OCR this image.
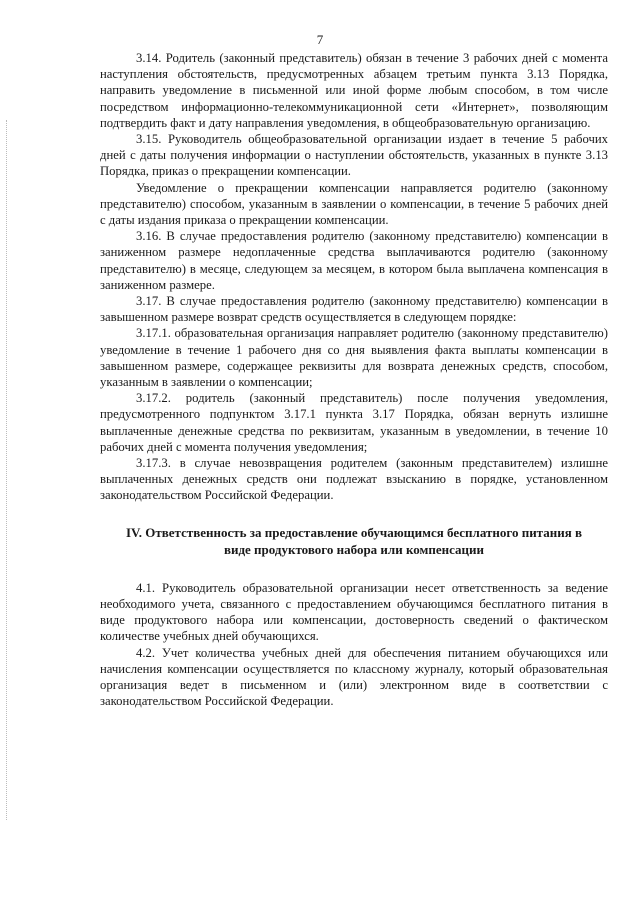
7

3.14. Родитель (законный представитель) обязан в течение 3 рабочих дней с момента наступления обстоятельств, предусмотренных абзацем третьим пункта 3.13 Порядка, направить уведомление в письменной или иной форме любым способом, в том числе посредством информационно-телекоммуникационной сети «Интернет», позволяющим подтвердить факт и дату направления уведомления, в общеобразовательную организацию.

3.15. Руководитель общеобразовательной организации издает в течение 5 рабочих дней с даты получения информации о наступлении обстоятельств, указанных в пункте 3.13 Порядка, приказ о прекращении компенсации.

Уведомление о прекращении компенсации направляется родителю (законному представителю) способом, указанным в заявлении о компенсации, в течение 5 рабочих дней с даты издания приказа о прекращении компенсации.

3.16. В случае предоставления родителю (законному представителю) компенсации в заниженном размере недоплаченные средства выплачиваются родителю (законному представителю) в месяце, следующем за месяцем, в котором была выплачена компенсация в заниженном размере.

3.17. В случае предоставления родителю (законному представителю) компенсации в завышенном размере возврат средств осуществляется в следующем порядке:

3.17.1. образовательная организация направляет родителю (законному представителю) уведомление в течение 1 рабочего дня со дня выявления факта выплаты компенсации в завышенном размере, содержащее реквизиты для возврата денежных средств, способом, указанным в заявлении о компенсации;

3.17.2. родитель (законный представитель) после получения уведомления, предусмотренного подпунктом 3.17.1 пункта 3.17 Порядка, обязан вернуть излишне выплаченные денежные средства по реквизитам, указанным в уведомлении, в течение 10 рабочих дней с момента получения уведомления;

3.17.3. в случае невозвращения родителем (законным представителем) излишне выплаченных денежных средств они подлежат взысканию в порядке, установленном законодательством Российской Федерации.

IV. Ответственность за предоставление обучающимся бесплатного питания в виде продуктового набора или компенсации

4.1. Руководитель образовательной организации несет ответственность за ведение необходимого учета, связанного с предоставлением обучающимся бесплатного питания в виде продуктового набора или компенсации, достоверность сведений о фактическом количестве учебных дней обучающихся.

4.2. Учет количества учебных дней для обеспечения питанием обучающихся или начисления компенсации осуществляется по классному журналу, который образовательная организация ведет в письменном и (или) электронном виде в соответствии с законодательством Российской Федерации.
